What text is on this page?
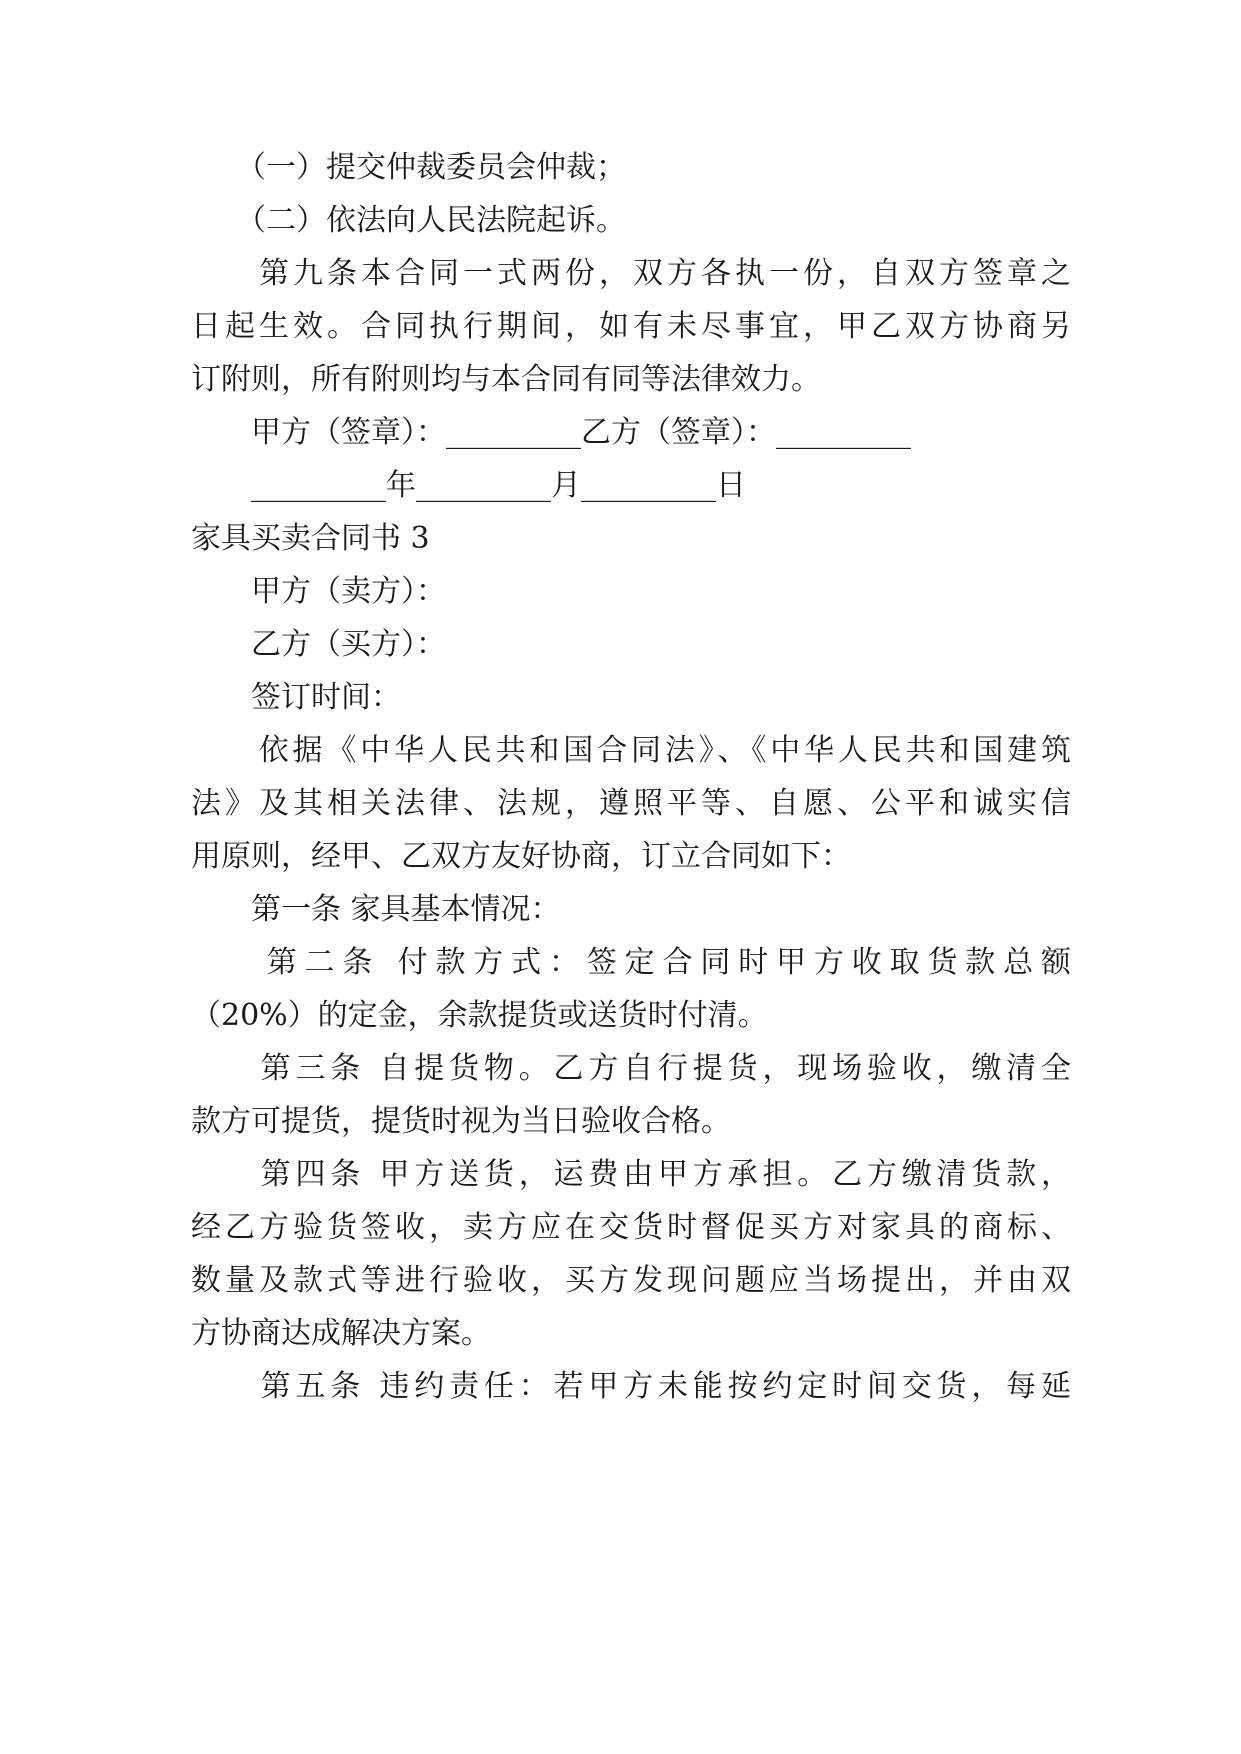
　　（一）提交仲裁委员会仲裁；
　　（二）依法向人民法院起诉。
　　第九条本合同一式两份，双方各执一份，自双方签章之
日起生效。合同执行期间，如有未尽事宜，甲乙双方协商另
订附则，所有附则均与本合同有同等法律效力。
　　甲方（签章）：_________乙方（签章）：_________
　　_________年_________月_________日
家具买卖合同书 3
　　甲方（卖方）：
　　乙方（买方）：
　　签订时间：
　　依据《中华人民共和国合同法》、《中华人民共和国建筑
法》及其相关法律、法规，遵照平等、自愿、公平和诚实信
用原则，经甲、乙双方友好协商，订立合同如下：
　　第一条 家具基本情况：
　　第二条 付款方式：签定合同时甲方收取货款总额
（20%）的定金，余款提货或送货时付清。
　　第三条 自提货物。乙方自行提货，现场验收，缴清全
款方可提货，提货时视为当日验收合格。
　　第四条 甲方送货，运费由甲方承担。乙方缴清货款，
经乙方验货签收，卖方应在交货时督促买方对家具的商标、
数量及款式等进行验收，买方发现问题应当场提出，并由双
方协商达成解决方案。
　　第五条 违约责任：若甲方未能按约定时间交货，每延
